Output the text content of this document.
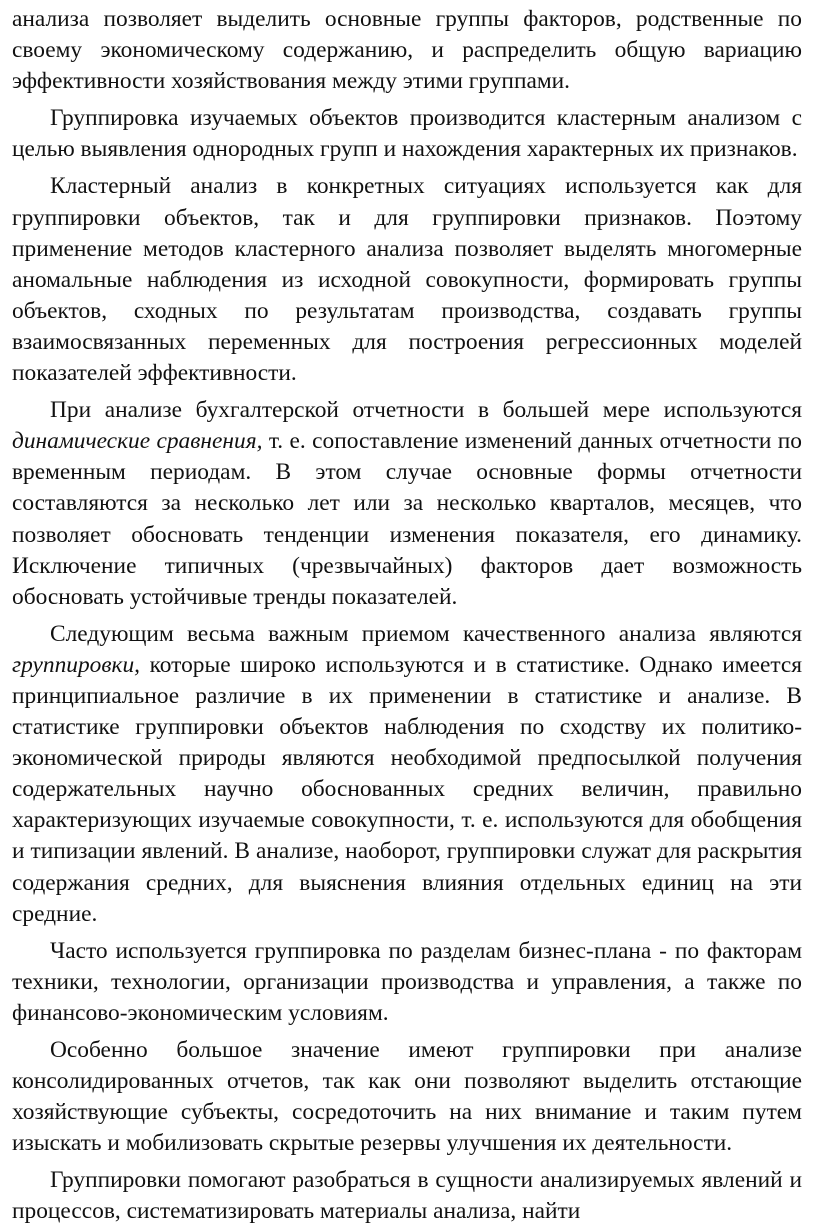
анализа позволяет выделить основные группы факторов, родственные по своему экономическому содержанию, и распределить общую вариацию эффективности хозяйствования между этими группами.

Группировка изучаемых объектов производится кластерным анализом с целью выявления однородных групп и нахождения характерных их признаков.

Кластерный анализ в конкретных ситуациях используется как для группировки объектов, так и для группировки признаков. Поэтому применение методов кластерного анализа позволяет выделять многомерные аномальные наблюдения из исходной совокупности, формировать группы объектов, сходных по результатам производства, создавать группы взаимосвязанных переменных для построения регрессионных моделей показателей эффективности.

При анализе бухгалтерской отчетности в большей мере используются динамические сравнения, т. е. сопоставление изменений данных отчетности по временным периодам. В этом случае основные формы отчетности составляются за несколько лет или за несколько кварталов, месяцев, что позволяет обосновать тенденции изменения показателя, его динамику. Исключение типичных (чрезвычайных) факторов дает возможность обосновать устойчивые тренды показателей.

Следующим весьма важным приемом качественного анализа являются группировки, которые широко используются и в статистике. Однако имеется принципиальное различие в их применении в статистике и анализе. В статистике группировки объектов наблюдения по сходству их политико-экономической природы являются необходимой предпосылкой получения содержательных научно обоснованных средних величин, правильно характеризующих изучаемые совокупности, т. е. используются для обобщения и типизации явлений. В анализе, наоборот, группировки служат для раскрытия содержания средних, для выяснения влияния отдельных единиц на эти средние.

Часто используется группировка по разделам бизнес-плана - по факторам техники, технологии, организации производства и управления, а также по финансово-экономическим условиям.

Особенно большое значение имеют группировки при анализе консолидированных отчетов, так как они позволяют выделить отстающие хозяйствующие субъекты, сосредоточить на них внимание и таким путем изыскать и мобилизовать скрытые резервы улучшения их деятельности.

Группировки помогают разобраться в сущности анализируемых явлений и процессов, систематизировать материалы анализа, найти
